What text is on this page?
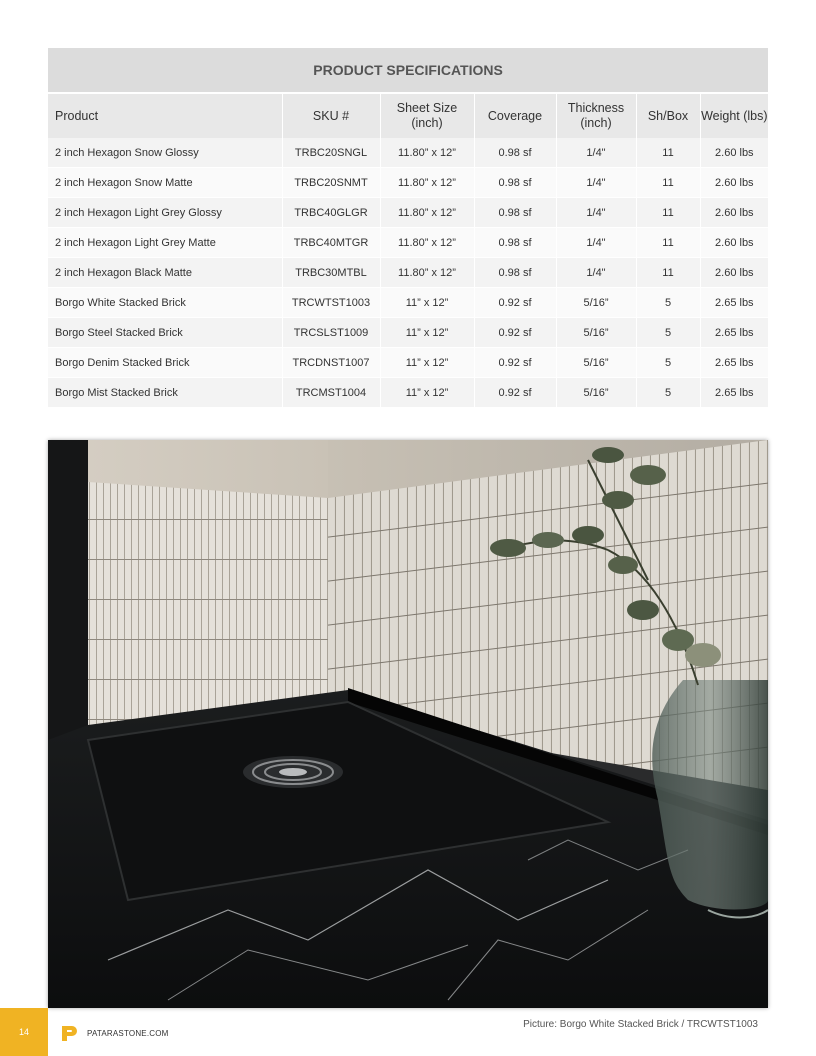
PRODUCT SPECIFICATIONS						
Product	SKU #	Sheet Size (inch)	Coverage	Thickness (inch)	Sh/Box	Weight (lbs)
2 inch Hexagon Snow Glossy	TRBC20SNGL	11.80” x 12”	0.98 sf	1/4"	11	2.60 lbs
2 inch Hexagon Snow Matte	TRBC20SNMT	11.80” x 12”	0.98 sf	1/4"	11	2.60 lbs
2 inch Hexagon Light Grey Glossy	TRBC40GLGR	11.80” x 12”	0.98 sf	1/4"	11	2.60 lbs
2 inch Hexagon Light Grey Matte	TRBC40MTGR	11.80” x 12”	0.98 sf	1/4"	11	2.60 lbs
2 inch Hexagon Black Matte	TRBC30MTBL	11.80” x 12”	0.98 sf	1/4"	11	2.60 lbs
Borgo White Stacked Brick	TRCWTST1003	11” x 12”	0.92 sf	5/16”	5	2.65 lbs
Borgo Steel Stacked Brick	TRCSLST1009	11” x 12”	0.92 sf	5/16”	5	2.65 lbs
Borgo Denim Stacked Brick	TRCDNST1007	11” x 12”	0.92 sf	5/16”	5	2.65 lbs
Borgo Mist Stacked Brick	TRCMST1004	11” x 12”	0.92 sf	5/16”	5	2.65 lbs
Picture: Borgo White Stacked Brick / TRCWTST1003
14	PATARASTONE.COM
